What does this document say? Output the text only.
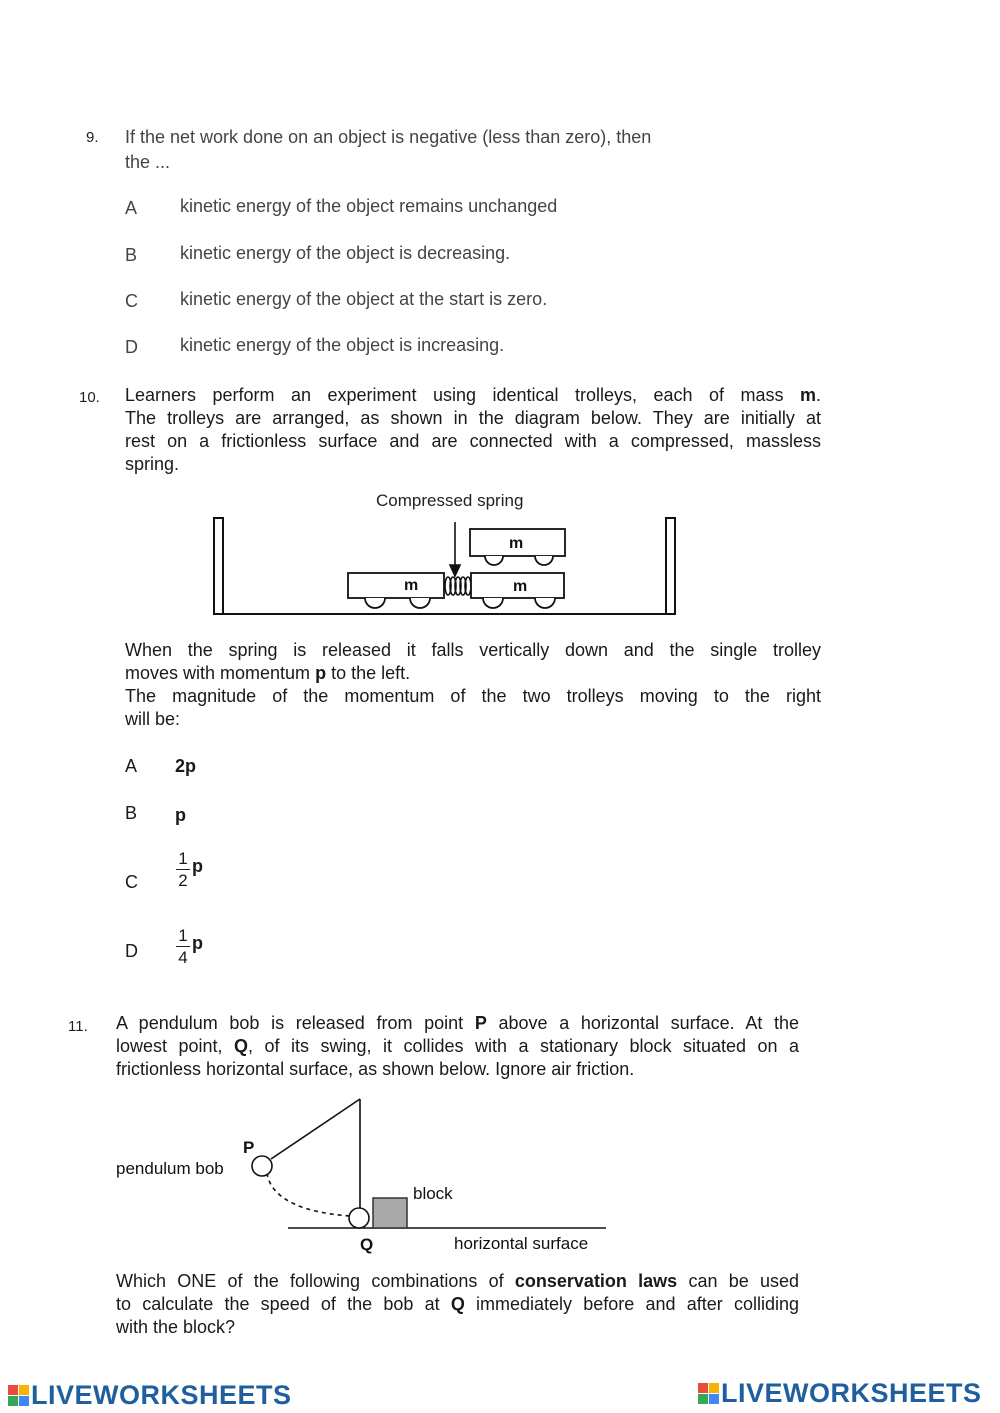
9. If the net work done on an object is negative (less than zero), then
the ...
A kinetic energy of the object remains unchanged
B kinetic energy of the object is decreasing.
C kinetic energy of the object at the start is zero.
D kinetic energy of the object is increasing.
10. Learners perform an experiment using identical trolleys, each of mass m.
The trolleys are arranged, as shown in the diagram below. They are initially at
rest on a frictionless surface and are connected with a compressed, massless
spring.
Compressed spring
m	m
m
When the spring is released it falls vertically down and the single trolley
moves with momentum p to the left.
The magnitude of the momentum of the two trolleys moving to the right
will be:
A 2p
B p
C $\frac{1}{2}$ p
D $\frac{1}{4}$ p
11. A pendulum bob is released from point P above a horizontal surface. At the
lowest point, Q, of its swing, it collides with a stationary block situated on a
frictionless horizontal surface, as shown below. Ignore air friction.
P
pendulum bob
block
Q	horizontal surface
Which ONE of the following combinations of conservation laws can be used
to calculate the speed of the bob at Q immediately before and after colliding
with the block?
LIVEWORKSHEETS	LIVEWORKSHEETS
